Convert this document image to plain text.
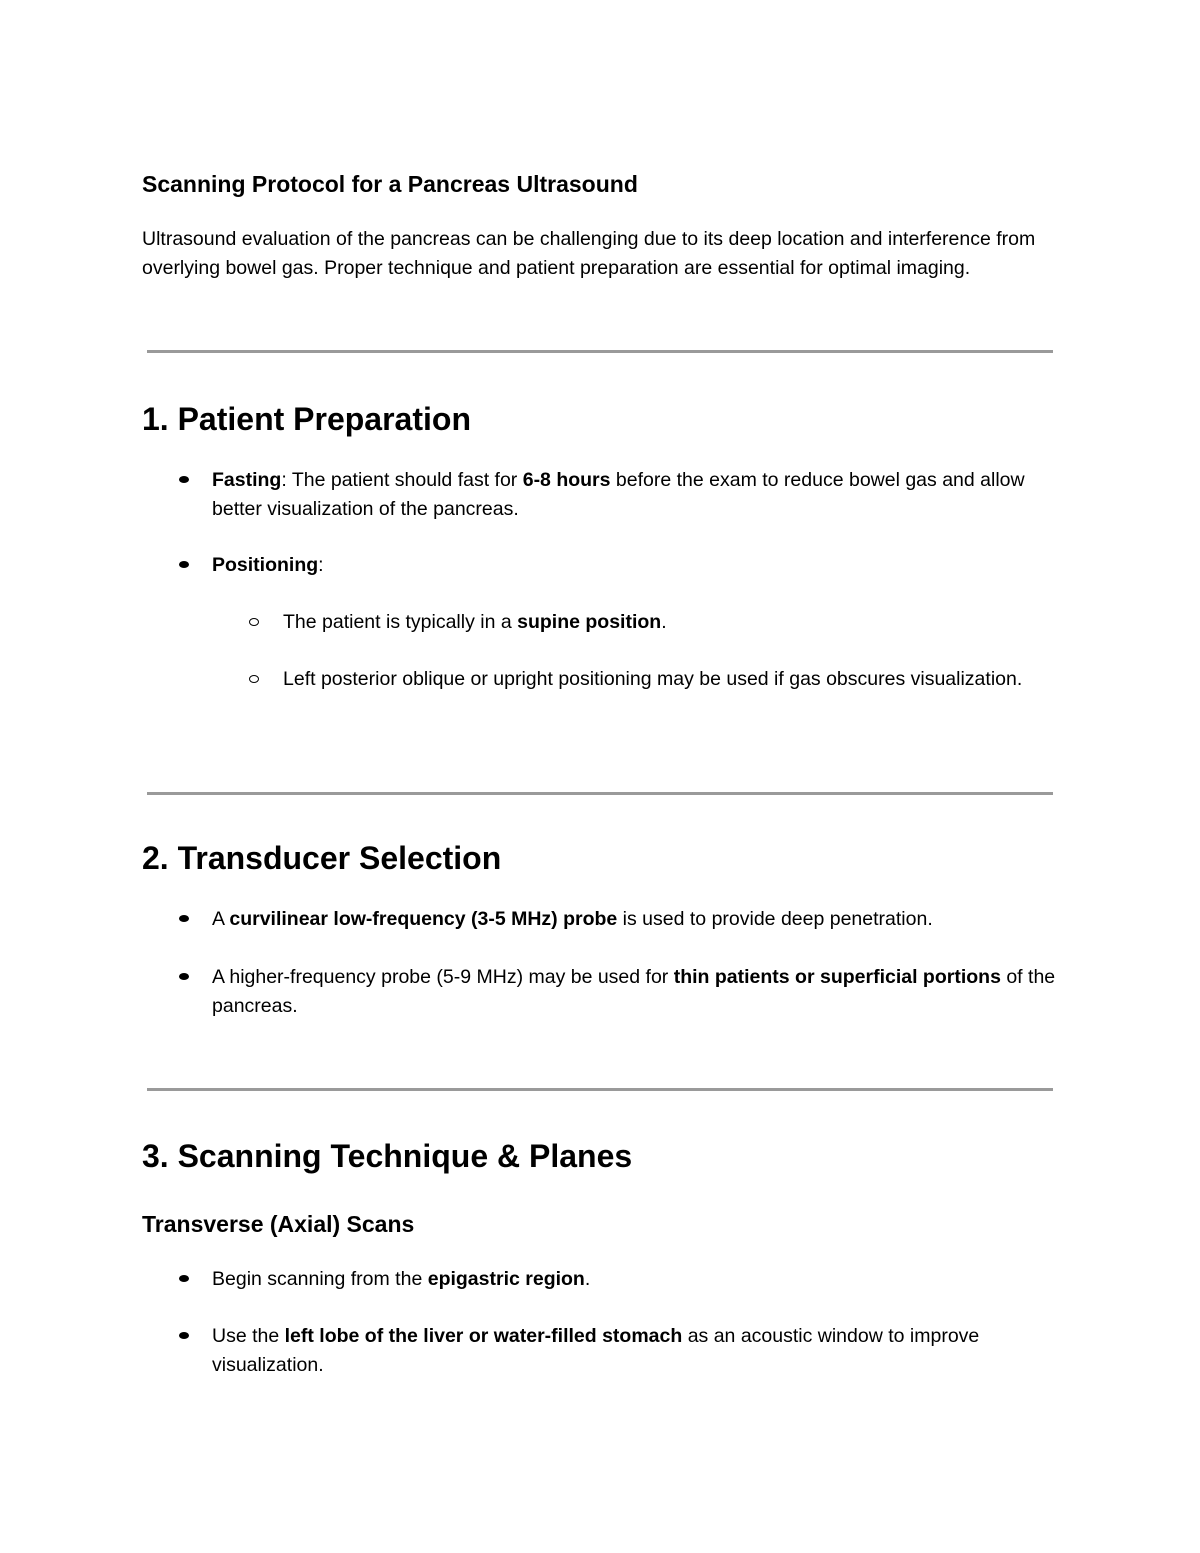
Scanning Protocol for a Pancreas Ultrasound

Ultrasound evaluation of the pancreas can be challenging due to its deep location and interference from overlying bowel gas. Proper technique and patient preparation are essential for optimal imaging.

1. Patient Preparation

Fasting: The patient should fast for 6-8 hours before the exam to reduce bowel gas and allow better visualization of the pancreas.

Positioning:

The patient is typically in a supine position.

Left posterior oblique or upright positioning may be used if gas obscures visualization.

2. Transducer Selection

A curvilinear low-frequency (3-5 MHz) probe is used to provide deep penetration.

A higher-frequency probe (5-9 MHz) may be used for thin patients or superficial portions of the pancreas.

3. Scanning Technique & Planes
Transverse (Axial) Scans

Begin scanning from the epigastric region.

Use the left lobe of the liver or water-filled stomach as an acoustic window to improve visualization.
